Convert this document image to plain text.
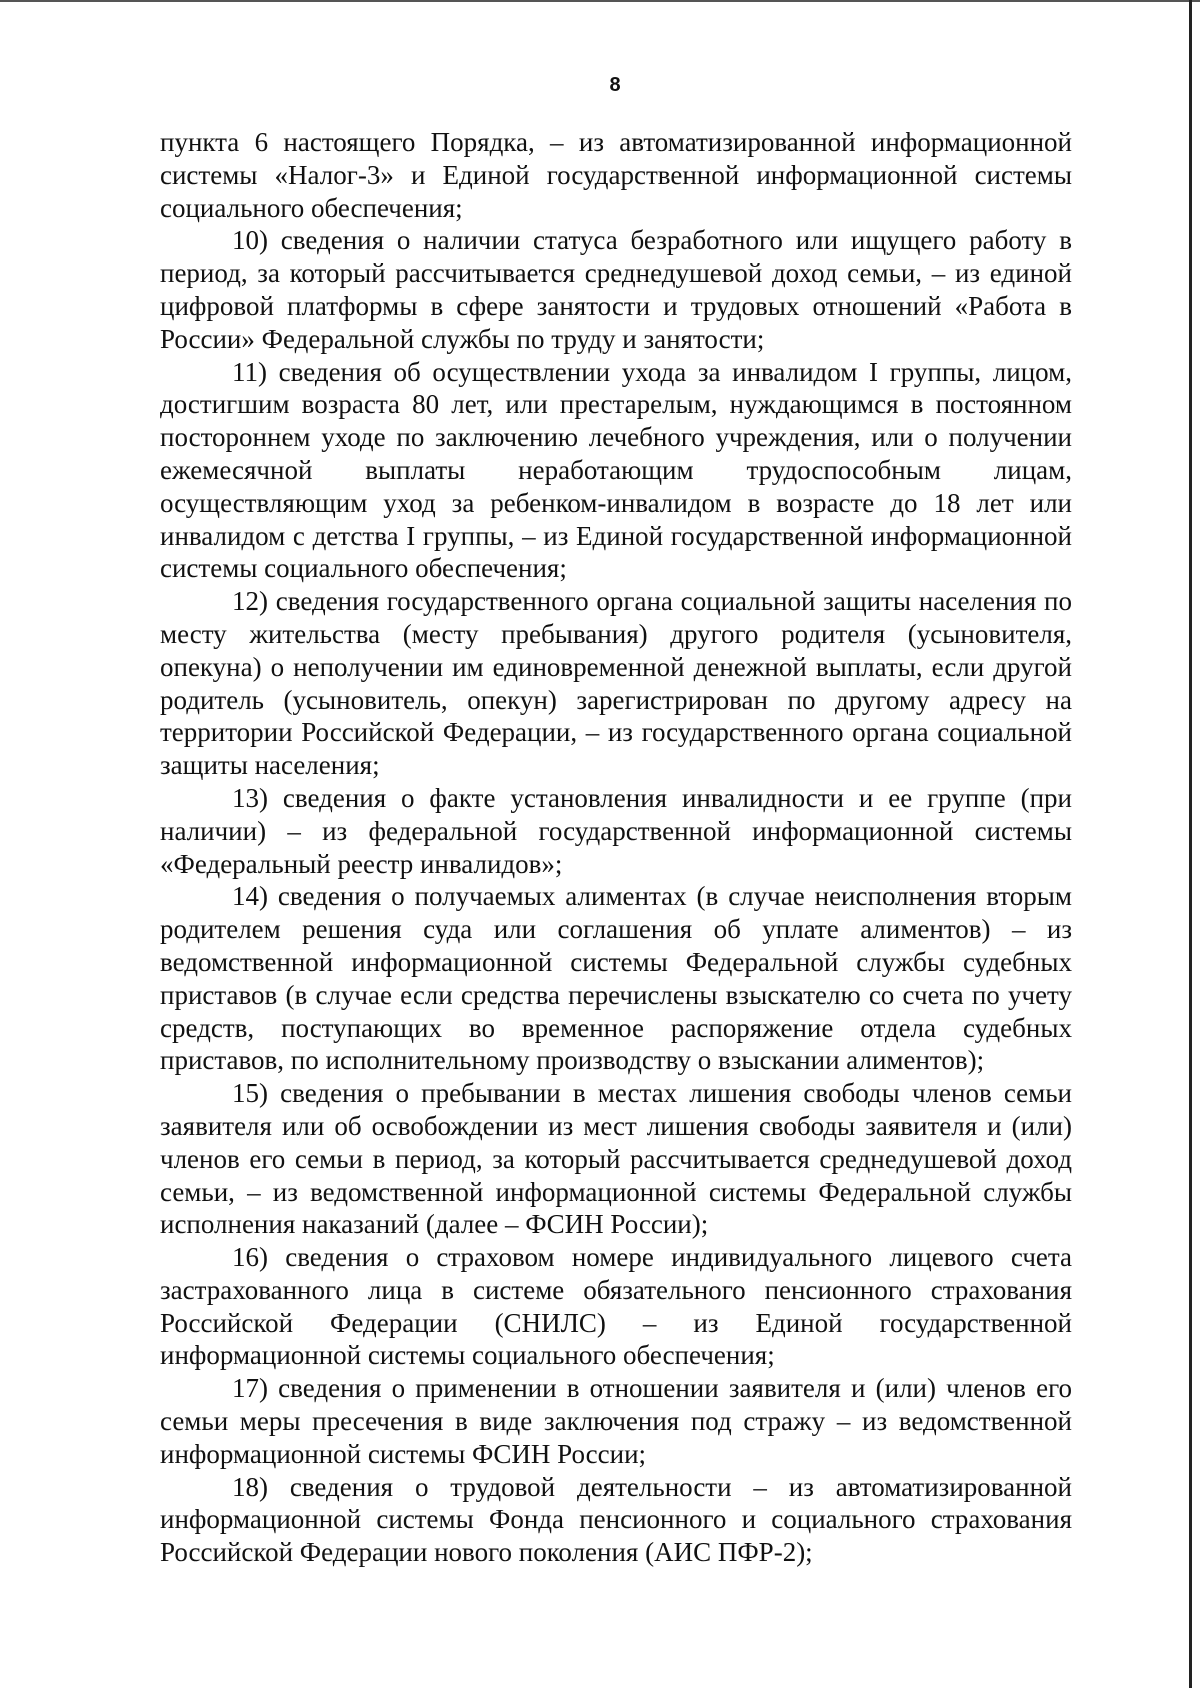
8

пункта 6 настоящего Порядка, – из автоматизированной информационной системы «Налог-3» и Единой государственной информационной системы социального обеспечения;

10) сведения о наличии статуса безработного или ищущего работу в период, за который рассчитывается среднедушевой доход семьи, – из единой цифровой платформы в сфере занятости и трудовых отношений «Работа в России» Федеральной службы по труду и занятости;

11) сведения об осуществлении ухода за инвалидом I группы, лицом, достигшим возраста 80 лет, или престарелым, нуждающимся в постоянном постороннем уходе по заключению лечебного учреждения, или о получении ежемесячной выплаты неработающим трудоспособным лицам, осуществляющим уход за ребенком-инвалидом в возрасте до 18 лет или инвалидом с детства I группы, – из Единой государственной информационной системы социального обеспечения;

12) сведения государственного органа социальной защиты населения по месту жительства (месту пребывания) другого родителя (усыновителя, опекуна) о неполучении им единовременной денежной выплаты, если другой родитель (усыновитель, опекун) зарегистрирован по другому адресу на территории Российской Федерации, – из государственного органа социальной защиты населения;

13) сведения о факте установления инвалидности и ее группе (при наличии) – из федеральной государственной информационной системы «Федеральный реестр инвалидов»;

14) сведения о получаемых алиментах (в случае неисполнения вторым родителем решения суда или соглашения об уплате алиментов) – из ведомственной информационной системы Федеральной службы судебных приставов (в случае если средства перечислены взыскателю со счета по учету средств, поступающих во временное распоряжение отдела судебных приставов, по исполнительному производству о взыскании алиментов);

15) сведения о пребывании в местах лишения свободы членов семьи заявителя или об освобождении из мест лишения свободы заявителя и (или) членов его семьи в период, за который рассчитывается среднедушевой доход семьи, – из ведомственной информационной системы Федеральной службы исполнения наказаний (далее – ФСИН России);

16) сведения о страховом номере индивидуального лицевого счета застрахованного лица в системе обязательного пенсионного страхования Российской Федерации (СНИЛС) – из Единой государственной информационной системы социального обеспечения;

17) сведения о применении в отношении заявителя и (или) членов его семьи меры пресечения в виде заключения под стражу – из ведомственной информационной системы ФСИН России;

18) сведения о трудовой деятельности – из автоматизированной информационной системы Фонда пенсионного и социального страхования Российской Федерации нового поколения (АИС ПФР-2);
